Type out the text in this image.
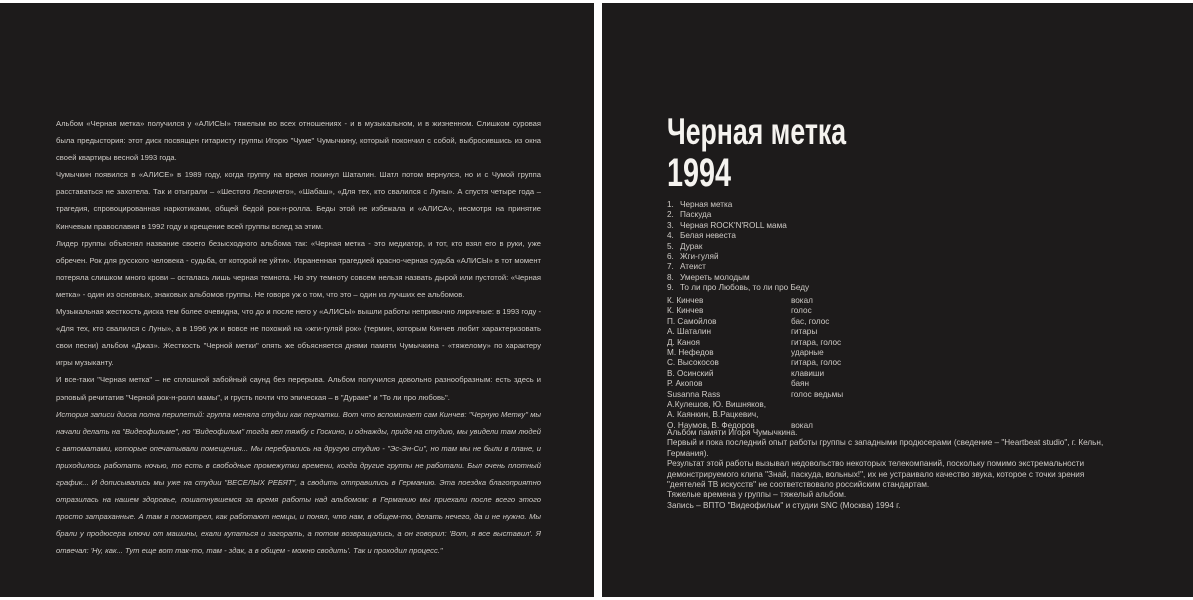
Альбом «Черная метка» получился у «АЛИСЫ» тяжелым во всех отношениях - и в музыкальном, и в жизненном. Слишком суровая была предыстория: этот диск посвящен гитаристу группы Игорю "Чуме" Чумычкину, который покончил с собой, выбросившись из окна своей квартиры весной 1993 года.

Чумычкин появился в «АЛИСЕ» в 1989 году, когда группу на время покинул Шаталин. Шатл потом вернулся, но и с Чумой группа расставаться не захотела. Так и отыграли – «Шестого Лесничего», «Шабаш», «Для тех, кто свалился с Луны». А спустя четыре года – трагедия, спровоцированная наркотиками, общей бедой рок-н-ролла. Беды этой не избежала и «АЛИСА», несмотря на принятие Кинчевым православия в 1992 году и крещение всей группы вслед за этим.

Лидер группы объяснял название своего безысходного альбома так: «Черная метка - это медиатор, и тот, кто взял его в руки, уже обречен. Рок для русского человека - судьба, от которой не уйти». Израненная трагедией красно-черная судьба «АЛИСЫ» в тот момент потеряла слишком много крови – осталась лишь черная темнота. Но эту темноту совсем нельзя назвать дырой или пустотой: «Черная метка» - один из основных, знаковых альбомов группы. Не говоря уж о том, что это – один из лучших ее альбомов.

Музыкальная жесткость диска тем более очевидна, что до и после него у «АЛИСЫ» вышли работы непривычно лиричные: в 1993 году - «Для тех, кто свалился с Луны», а в 1996 уж и вовсе не похожий на «жги-гуляй рок» (термин, которым Кинчев любит характеризовать свои песни) альбом «Джаз». Жесткость "Черной метки" опять же объясняется днями памяти Чумычкина - «тяжелому» по характеру игры музыканту.

И все-таки "Черная метка" – не сплошной забойный саунд без перерыва. Альбом получился довольно разнообразным: есть здесь и рэповый речитатив "Черной рок-н-ролл мамы", и грусть почти что эпическая – в "Дураке" и "То ли про любовь".

История записи диска полна перипетий: группа меняла студии как перчатки. Вот что вспоминает сам Кинчев: "Черную Метку" мы начали делать на "Видеофильме", но "Видеофильм" тогда вел тяжбу с Госкино, и однажды, придя на студию, мы увидели там людей с автоматами, которые опечатывали помещения... Мы перебрались на другую студию - "Эс-Эн-Си", но там мы не были в плане, и приходилось работать ночью, то есть в свободные промежутки времени, когда другие группы не работали. Был очень плотный график... И дописывались мы уже на студии "ВЕСЕЛЫХ РЕБЯТ", а сводить отправились в Германию. Эта поездка благоприятно отразилась на нашем здоровье, пошатнувшемся за время работы над альбомом: в Германию мы приехали после всего этого просто затраханные. А там я посмотрел, как работают немцы, и понял, что нам, в общем-то, делать нечего, да и не нужно. Мы брали у продюсера ключи от машины, ехали купаться и загорать, а потом возвращались, а он говорил: 'Вот, я все выставил'. Я отвечал: 'Ну, как... Тут еще вот так-то, там - здак, а в общем - можно сводить'. Так и проходил процесс."

Черная метка
1994
1. Черная метка
2. Паскуда
3. Черная ROCK'N'ROLL мама
4. Белая невеста
5. Дурак
6. Жги-гуляй
7. Атеист
8. Умереть молодым
9. То ли про Любовь, то ли про Беду
К. Кинчев	вокал
К. Кинчев	голос
П. Самойлов	бас, голос
А. Шаталин	гитары
Д. Каноя	гитара, голос
М. Нефедов	ударные
С. Высокосов	гитара, голос
В. Осинский	клавиши
Р. Акопов	баян
Susanna Rass	голос ведьмы
А.Кулешов, Ю. Вишняков,
А. Каянкин, В.Рацкевич,
О. Наумов, В. Федоров	вокал

Альбом памяти Игоря Чумычкина.

Первый и пока последний опыт работы группы с западными продюсерами (сведение – "Heartbeat studio", г. Кельн, Германия).

Результат этой работы вызывал недовольство некоторых телекомпаний, поскольку помимо экстремальности

демонстрируемого клипа "Знай, паскуда, вольных!", их не устраивало качество звука, которое с точки зрения

"деятелей ТВ искусств" не соответствовало российским стандартам.

Тяжелые времена у группы – тяжелый альбом.

Запись – ВПТО "Видеофильм" и студии SNC (Москва) 1994 г.
